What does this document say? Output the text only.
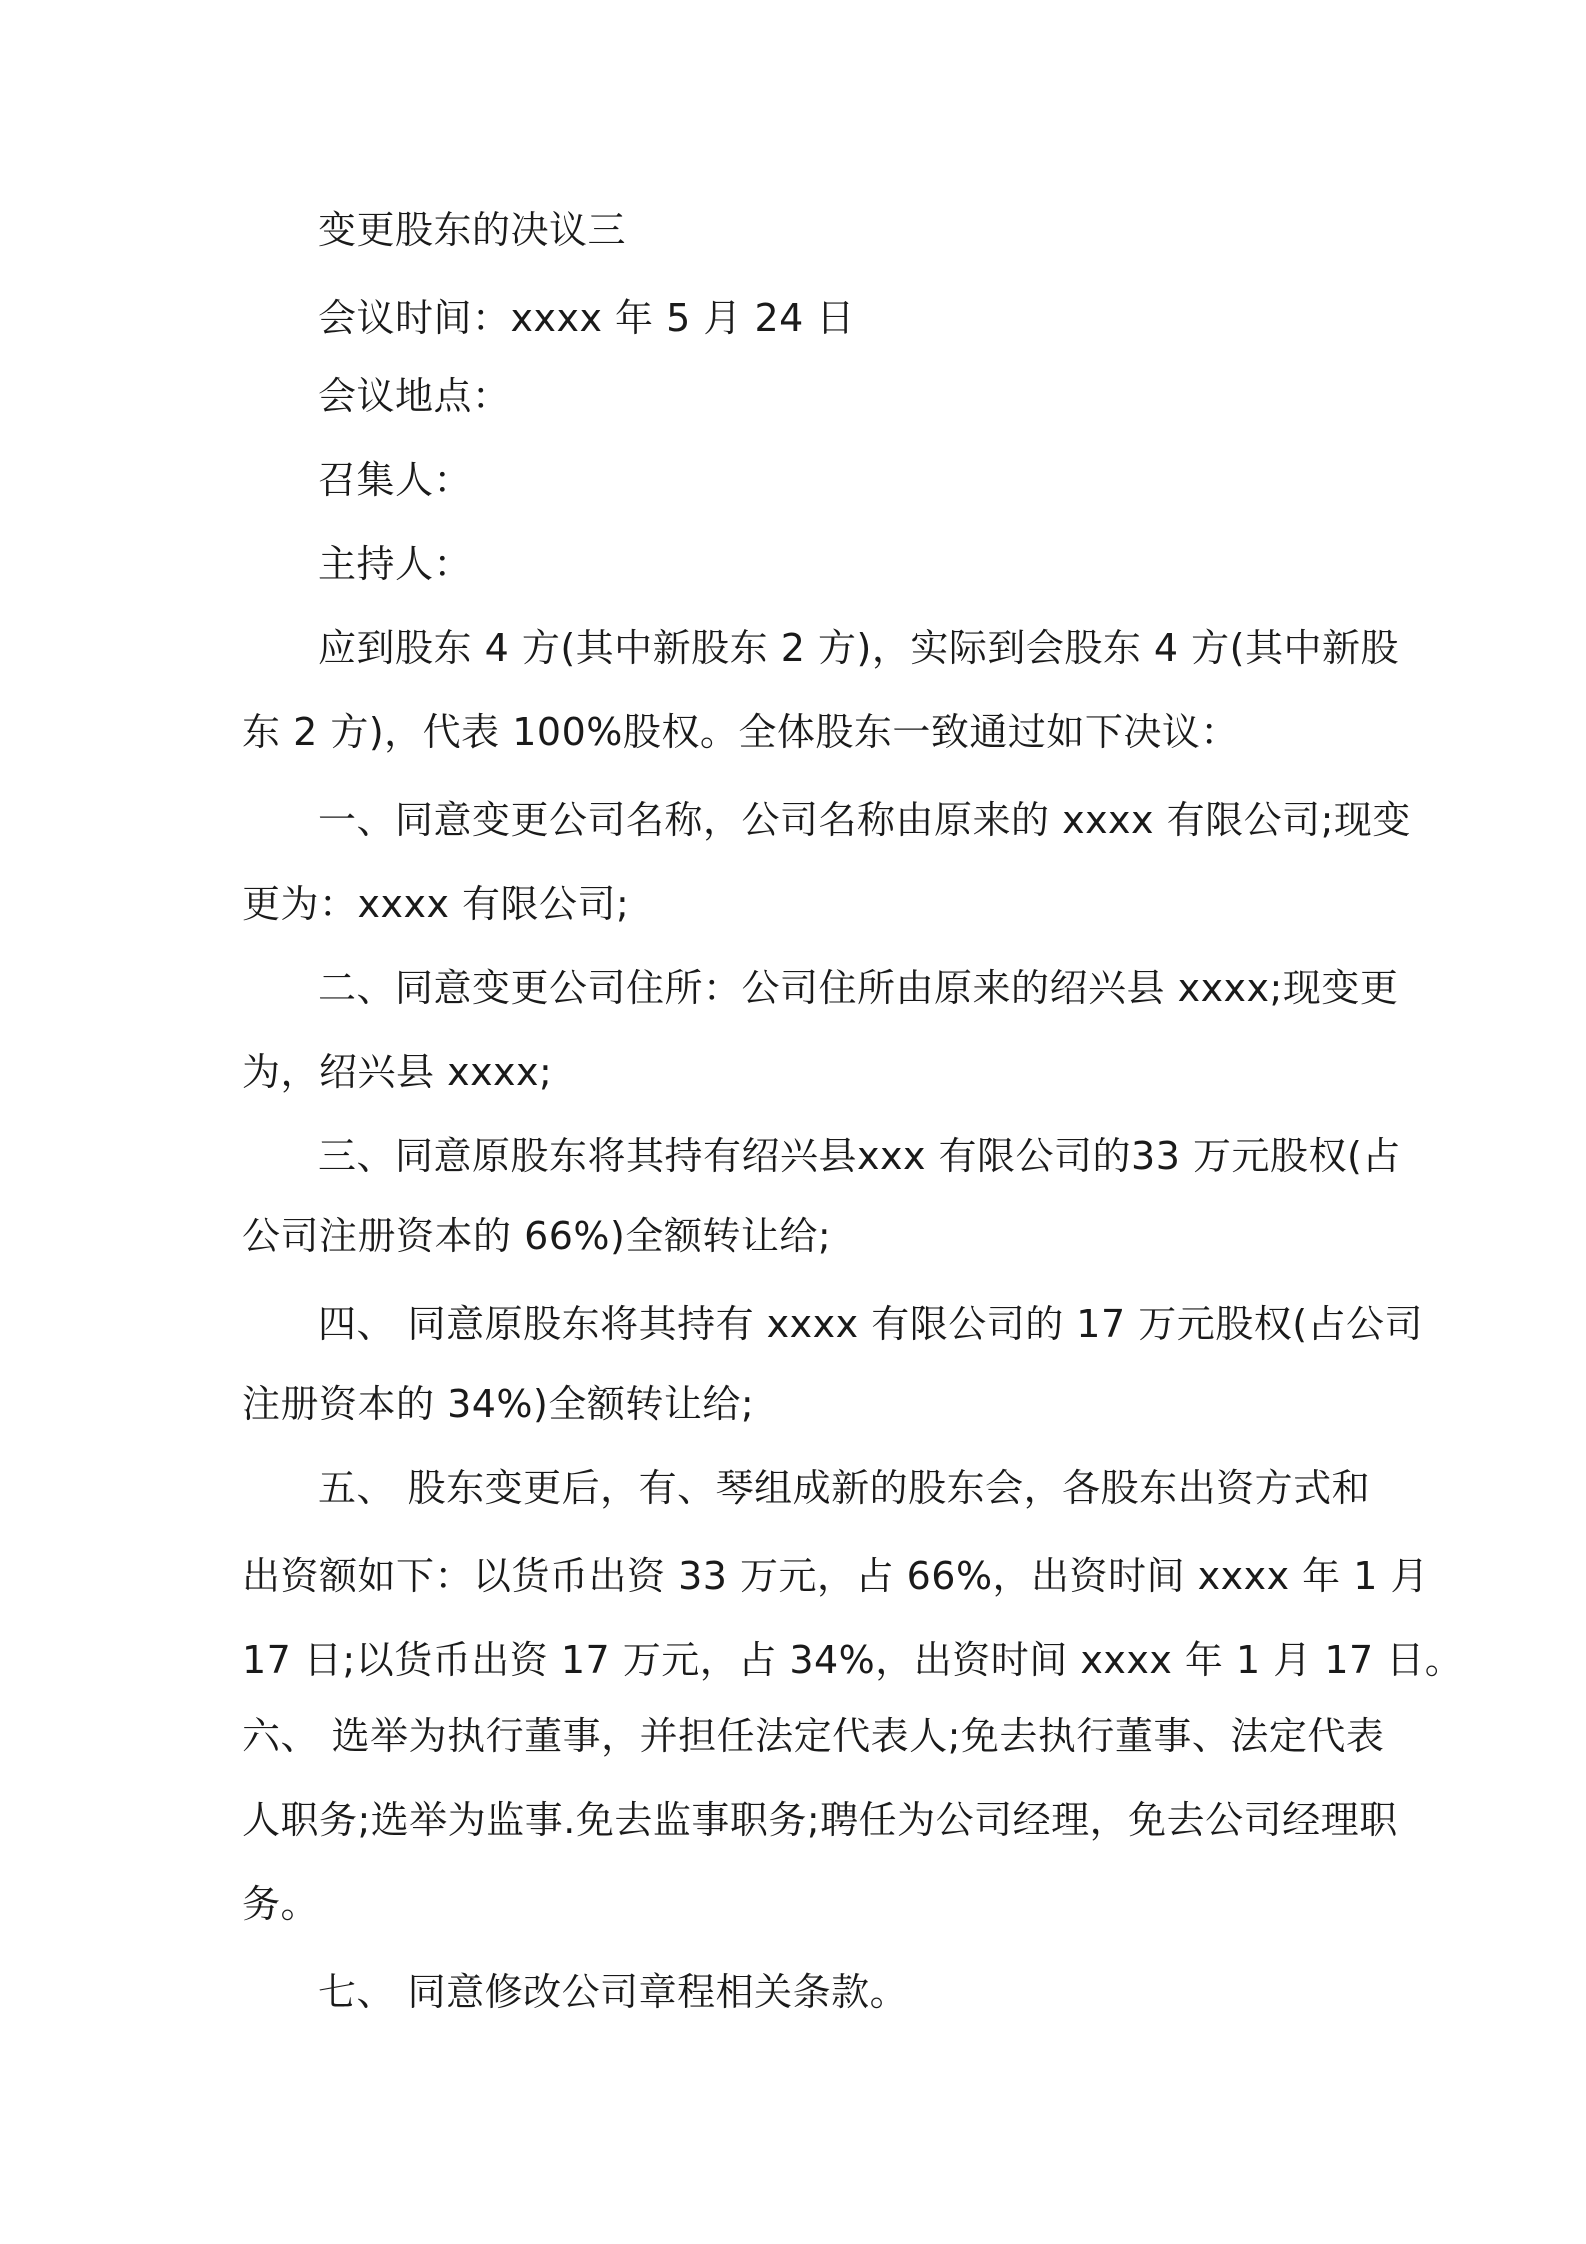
变更股东的决议三
会议时间：xxxx 年 5 月 24 日
会议地点：
召集人：
主持人：
应到股东 4 方(其中新股东 2 方)，实际到会股东 4 方(其中新股
东 2 方)，代表 100%股权。全体股东一致通过如下决议：
一、同意变更公司名称，公司名称由原来的 xxxx 有限公司;现变
更为：xxxx 有限公司;
二、同意变更公司住所：公司住所由原来的绍兴县 xxxx;现变更
为，绍兴县 xxxx;
三、同意原股东将其持有绍兴县xxx 有限公司的33 万元股权(占
公司注册资本的 66%)全额转让给;
四、 同意原股东将其持有 xxxx 有限公司的 17 万元股权(占公司
注册资本的 34%)全额转让给;
五、 股东变更后，有、琴组成新的股东会，各股东出资方式和
出资额如下：以货币出资 33 万元，占 66%，出资时间 xxxx 年 1 月
17 日;以货币出资 17 万元，占 34%，出资时间 xxxx 年 1 月 17 日。
六、 选举为执行董事，并担任法定代表人;免去执行董事、法定代表
人职务;选举为监事.免去监事职务;聘任为公司经理，免去公司经理职
务。
七、 同意修改公司章程相关条款。
